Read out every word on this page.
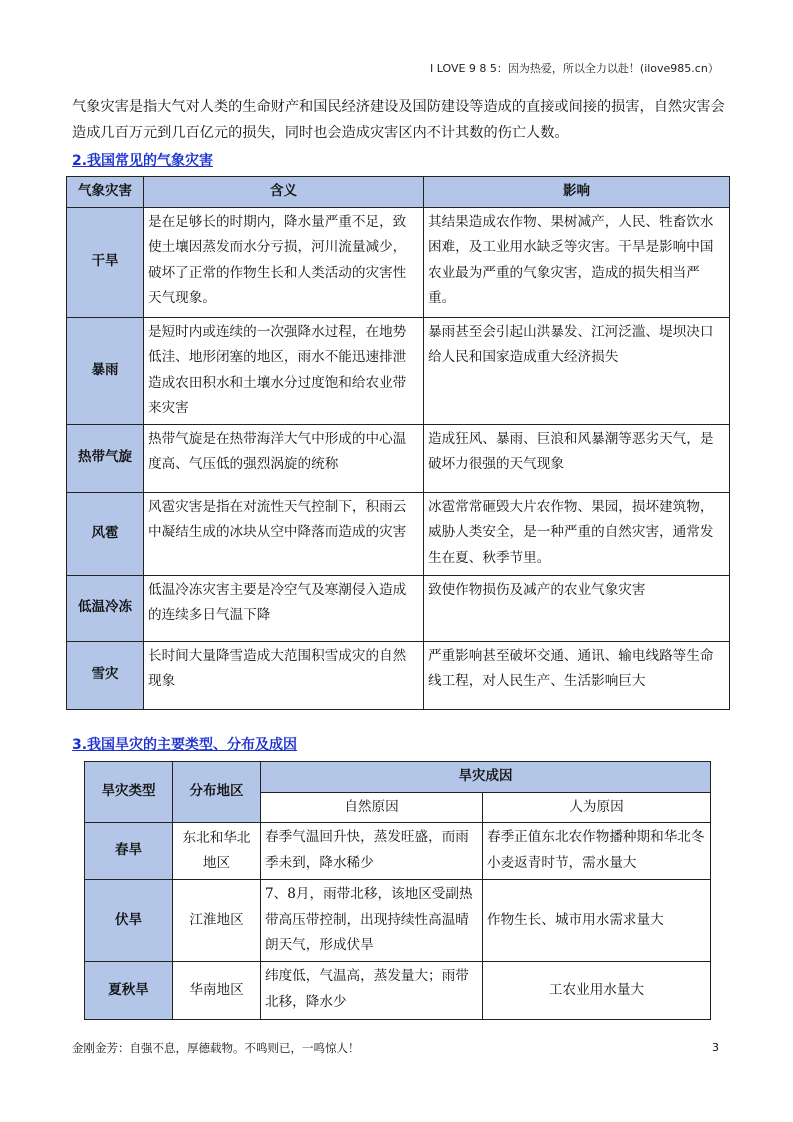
I LOVE 9 8 5：因为热爱，所以全力以赴！(ilove985.cn）
气象灾害是指大气对人类的生命财产和国民经济建设及国防建设等造成的直接或间接的损害，自然灾害会造成几百万元到几百亿元的损失，同时也会造成灾害区内不计其数的伤亡人数。
2.我国常见的气象灾害
气象灾害	含义	影响
干旱	是在足够长的时期内，降水量严重不足，致使土壤因蒸发而水分亏损，河川流量减少，破坏了正常的作物生长和人类活动的灾害性天气现象。	其结果造成农作物、果树减产，人民、牲畜饮水困难，及工业用水缺乏等灾害。干旱是影响中国农业最为严重的气象灾害，造成的损失相当严重。
暴雨	是短时内或连续的一次强降水过程，在地势低洼、地形闭塞的地区，雨水不能迅速排泄造成农田积水和土壤水分过度饱和给农业带来灾害	暴雨甚至会引起山洪暴发、江河泛滥、堤坝决口给人民和国家造成重大经济损失
热带气旋	热带气旋是在热带海洋大气中形成的中心温度高、气压低的强烈涡旋的统称	造成狂风、暴雨、巨浪和风暴潮等恶劣天气，是破坏力很强的天气现象
风雹	风雹灾害是指在对流性天气控制下，积雨云中凝结生成的冰块从空中降落而造成的灾害	冰雹常常砸毁大片农作物、果园，损坏建筑物，威胁人类安全，是一种严重的自然灾害，通常发生在夏、秋季节里。
低温冷冻	低温冷冻灾害主要是冷空气及寒潮侵入造成的连续多日气温下降	致使作物损伤及减产的农业气象灾害
雪灾	长时间大量降雪造成大范围积雪成灾的自然现象	严重影响甚至破坏交通、通讯、输电线路等生命线工程，对人民生产、生活影响巨大
3.我国旱灾的主要类型、分布及成因
旱灾类型	分布地区	旱灾成因	
		自然原因	人为原因
春旱	东北和华北地区	春季气温回升快，蒸发旺盛，而雨季未到，降水稀少	春季正值东北农作物播种期和华北冬小麦返青时节，需水量大
伏旱	江淮地区	7、8月，雨带北移，该地区受副热带高压带控制，出现持续性高温晴朗天气，形成伏旱	作物生长、城市用水需求量大
夏秋旱	华南地区	纬度低，气温高，蒸发量大；雨带北移，降水少	工农业用水量大
金刚金芳：自强不息，厚德载物。不鸣则已，一鸣惊人！	3
